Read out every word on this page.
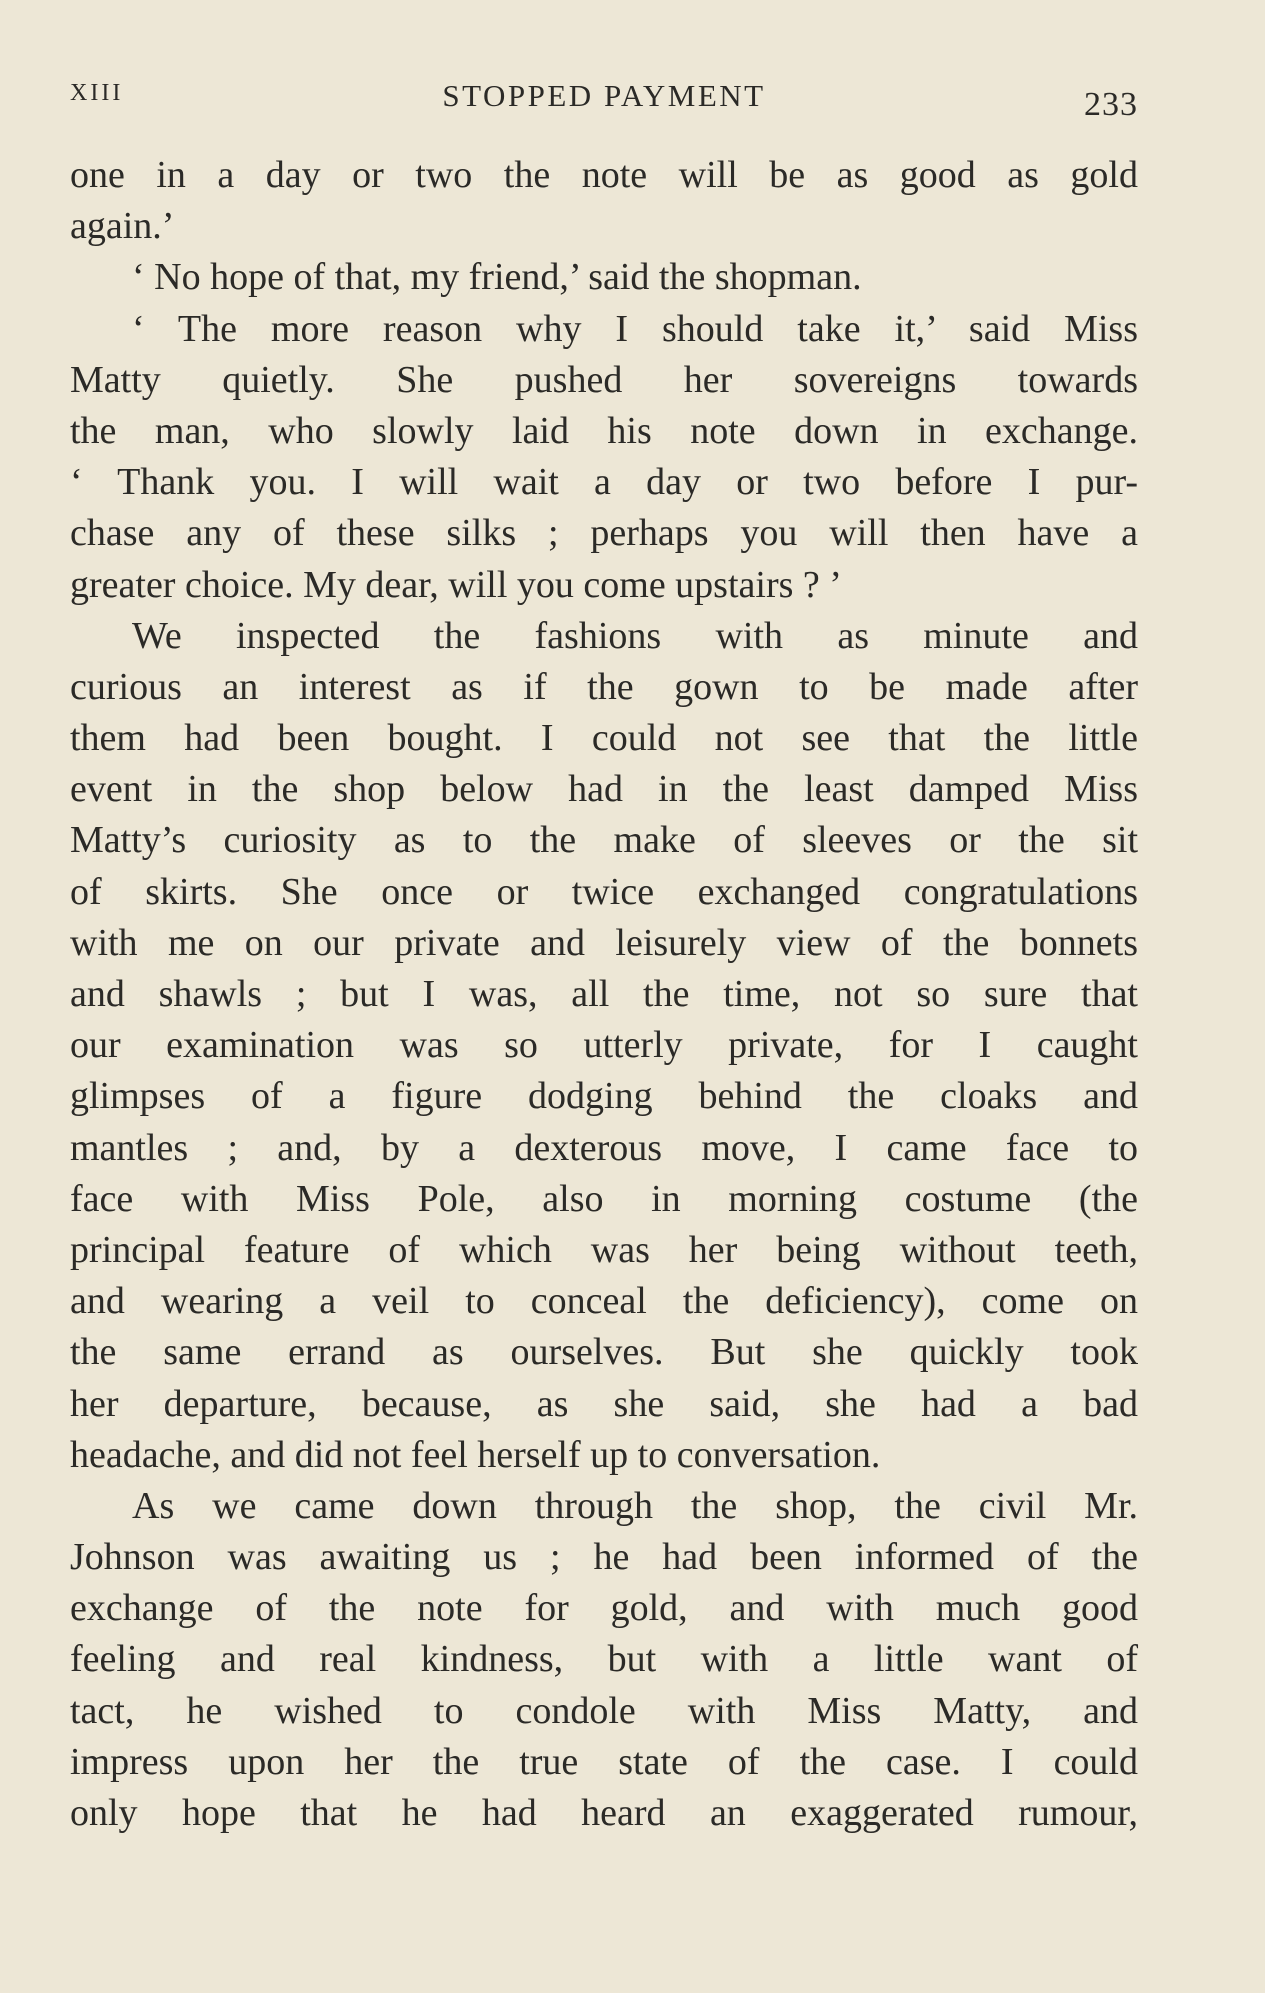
XIII	STOPPED PAYMENT	233
one in a day or two the note will be as good as gold
again.’
‘ No hope of that, my friend,’ said the shopman.
‘ The more reason why I should take it,’ said Miss
Matty quietly. She pushed her sovereigns towards
the man, who slowly laid his note down in exchange.
‘ Thank you. I will wait a day or two before I pur-
chase any of these silks ; perhaps you will then have a
greater choice. My dear, will you come upstairs ? ’
We inspected the fashions with as minute and
curious an interest as if the gown to be made after
them had been bought. I could not see that the little
event in the shop below had in the least damped Miss
Matty’s curiosity as to the make of sleeves or the sit
of skirts. She once or twice exchanged congratulations
with me on our private and leisurely view of the bonnets
and shawls ; but I was, all the time, not so sure that
our examination was so utterly private, for I caught
glimpses of a figure dodging behind the cloaks and
mantles ; and, by a dexterous move, I came face to
face with Miss Pole, also in morning costume (the
principal feature of which was her being without teeth,
and wearing a veil to conceal the deficiency), come on
the same errand as ourselves. But she quickly took
her departure, because, as she said, she had a bad
headache, and did not feel herself up to conversation.
As we came down through the shop, the civil Mr.
Johnson was awaiting us ; he had been informed of the
exchange of the note for gold, and with much good
feeling and real kindness, but with a little want of
tact, he wished to condole with Miss Matty, and
impress upon her the true state of the case. I could
only hope that he had heard an exaggerated rumour,
